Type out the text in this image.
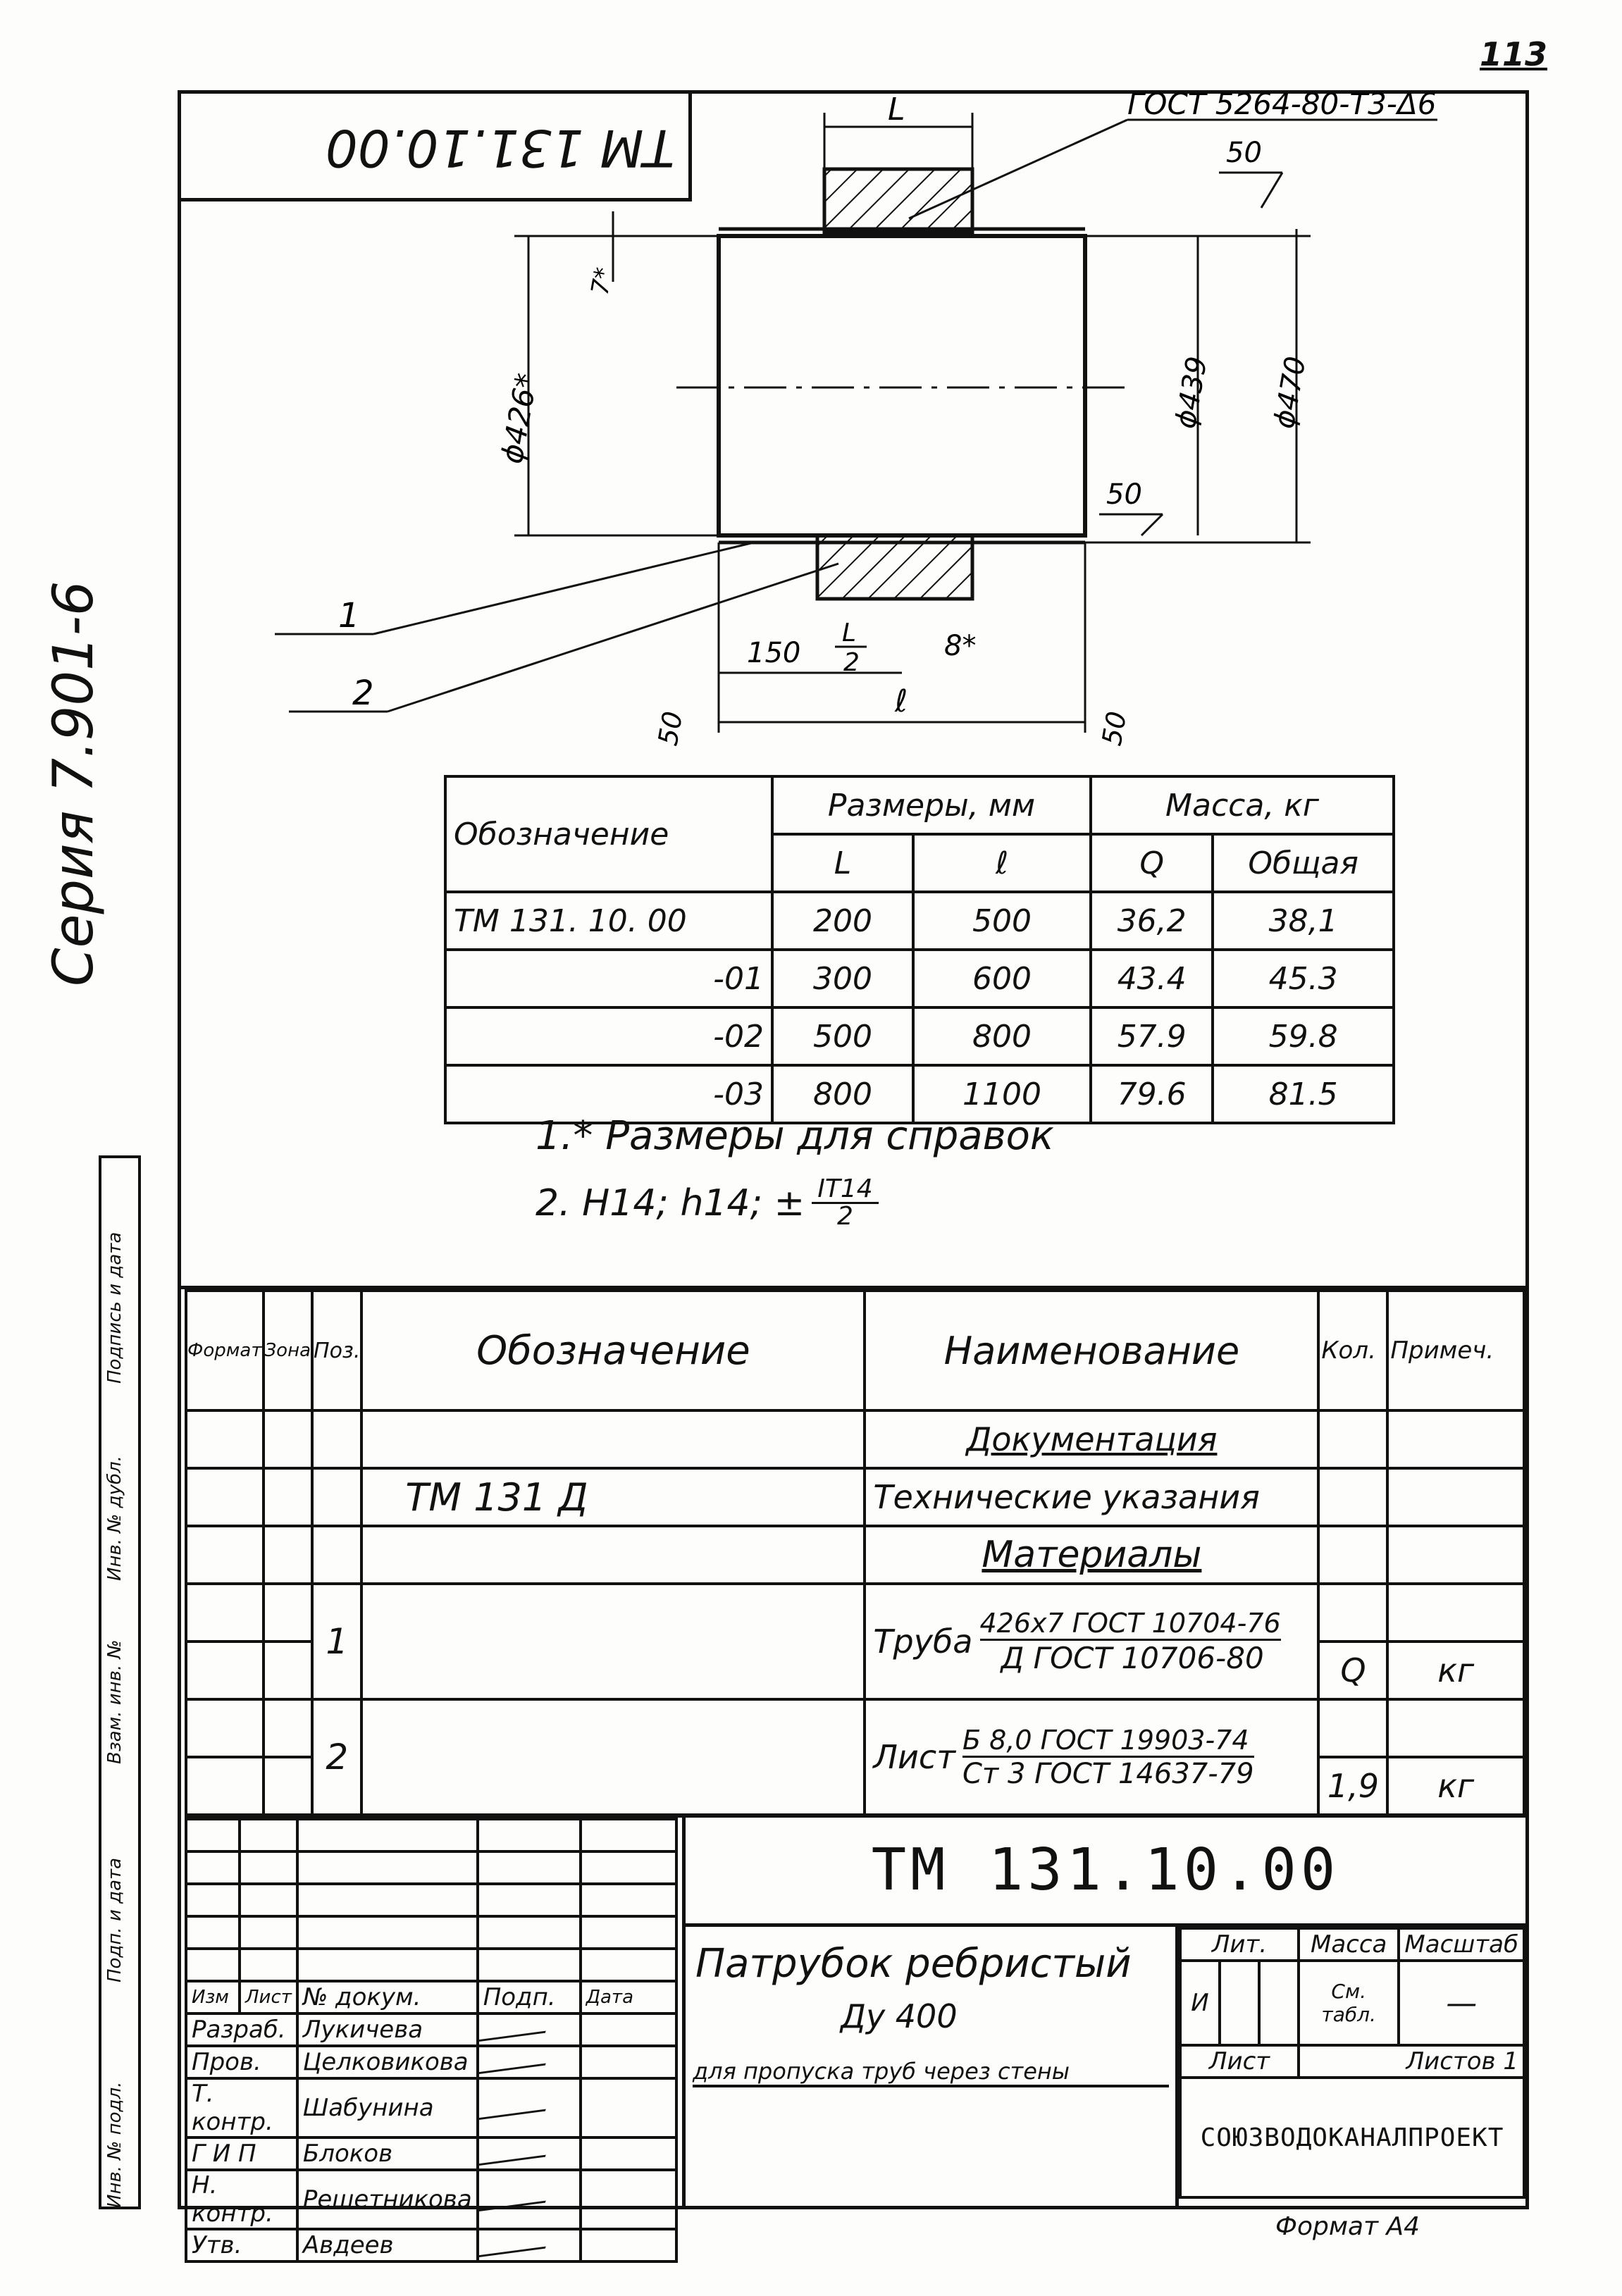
113
Серия 7.901-6
ТМ 131.10.00
L	ГОСТ 5264-80-Т3-Δ6
50
ϕ426*
7*
ϕ439 ϕ470
50
1
2
150
L
2
8*
ℓ
50	50
Обозначение	Размеры, мм		Масса, кг	
	L	ℓ	Q	Общая
ТМ 131. 10. 00	200	500	36,2	38,1
-01	300	600	43.4	45.3
-02	500	800	57.9	59.8
-03	800	1100	79.6	81.5
1.* Размеры для справок
2. H14; h14; ± $\frac{IT14}{2}$
Инв. № подл.
Подп. и дата
Взам. инв. №
Инв. № дубл.
Подпись и дата	Формат	Зона	Поз.	Обозначение	Наименование	Кол.	Примеч.
				Документация		
			ТМ 131 Д	Технические указания		
				Материалы		
		1		Труба 426x7 ГОСТ 10704-76
Д ГОСТ 10706-80		

					Q	кг
		2		Лист Б 8,0 ГОСТ 19903-74
Ст 3 ГОСТ 14637-79		

					1,9	кг

Изм	Лист	№ докум.	Подп.	Дата
Разраб.		Лукичева		
Пров.		Целковикова		
Т. контр.		Шабунина		
Г И П		Блоков		
Н. контр.		Решетникова		
Утв.		Авдеев		
ТМ 131.10.00
Патрубок ребристый
Ду 400
для пропуска труб через стены
Лит.			Масса	Масштаб
И			См. табл.	—
Лист			Листов 1	
СОЮЗВОДОКАНАЛПРОЕКТ				
Формат А4
